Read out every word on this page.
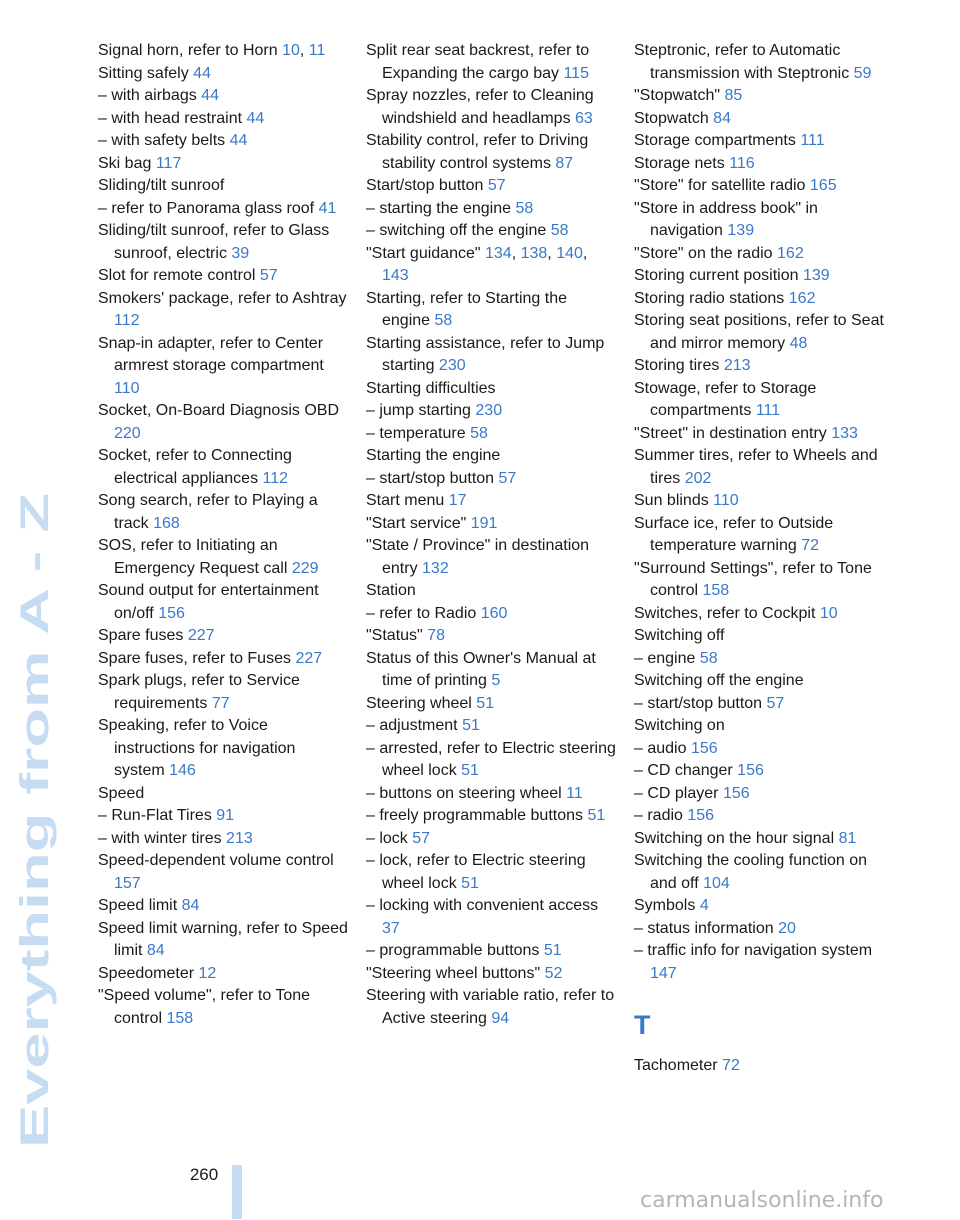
Everything from A - Z

Signal horn, refer to Horn 10, 11

Sitting safely 44

– with airbags 44

– with head restraint 44

– with safety belts 44

Ski bag 117

Sliding/tilt sunroof

– refer to Panorama glass roof 41

Sliding/tilt sunroof, refer to Glass sunroof, electric 39

Slot for remote control 57

Smokers' package, refer to Ashtray 112

Snap-in adapter, refer to Center armrest storage compartment 110

Socket, On-Board Diagnosis OBD 220

Socket, refer to Connecting electrical appliances 112

Song search, refer to Playing a track 168

SOS, refer to Initiating an Emergency Request call 229

Sound output for entertainment on/off 156

Spare fuses 227

Spare fuses, refer to Fuses 227

Spark plugs, refer to Service requirements 77

Speaking, refer to Voice instructions for navigation system 146

Speed

– Run-Flat Tires 91

– with winter tires 213

Speed-dependent volume control 157

Speed limit 84

Speed limit warning, refer to Speed limit 84

Speedometer 12

"Speed volume", refer to Tone control 158

Split rear seat backrest, refer to Expanding the cargo bay 115

Spray nozzles, refer to Cleaning windshield and headlamps 63

Stability control, refer to Driving stability control systems 87

Start/stop button 57

– starting the engine 58

– switching off the engine 58

"Start guidance" 134, 138, 140, 143

Starting, refer to Starting the engine 58

Starting assistance, refer to Jump starting 230

Starting difficulties

– jump starting 230

– temperature 58

Starting the engine

– start/stop button 57

Start menu 17

"Start service" 191

"State / Province" in destination entry 132

Station

– refer to Radio 160

"Status" 78

Status of this Owner's Manual at time of printing 5

Steering wheel 51

– adjustment 51

– arrested, refer to Electric steering wheel lock 51

– buttons on steering wheel 11

– freely programmable buttons 51

– lock 57

– lock, refer to Electric steering wheel lock 51

– locking with convenient access 37

– programmable buttons 51

"Steering wheel buttons" 52

Steering with variable ratio, refer to Active steering 94

Steptronic, refer to Automatic transmission with Steptronic 59

"Stopwatch" 85

Stopwatch 84

Storage compartments 111

Storage nets 116

"Store" for satellite radio 165

"Store in address book" in navigation 139

"Store" on the radio 162

Storing current position 139

Storing radio stations 162

Storing seat positions, refer to Seat and mirror memory 48

Storing tires 213

Stowage, refer to Storage compartments 111

"Street" in destination entry 133

Summer tires, refer to Wheels and tires 202

Sun blinds 110

Surface ice, refer to Outside temperature warning 72

"Surround Settings", refer to Tone control 158

Switches, refer to Cockpit 10

Switching off

– engine 58

Switching off the engine

– start/stop button 57

Switching on

– audio 156

– CD changer 156

– CD player 156

– radio 156

Switching on the hour signal 81

Switching the cooling function on and off 104

Symbols 4

– status information 20

– traffic info for navigation system 147

T

Tachometer 72

260
carmanualsonline.info
